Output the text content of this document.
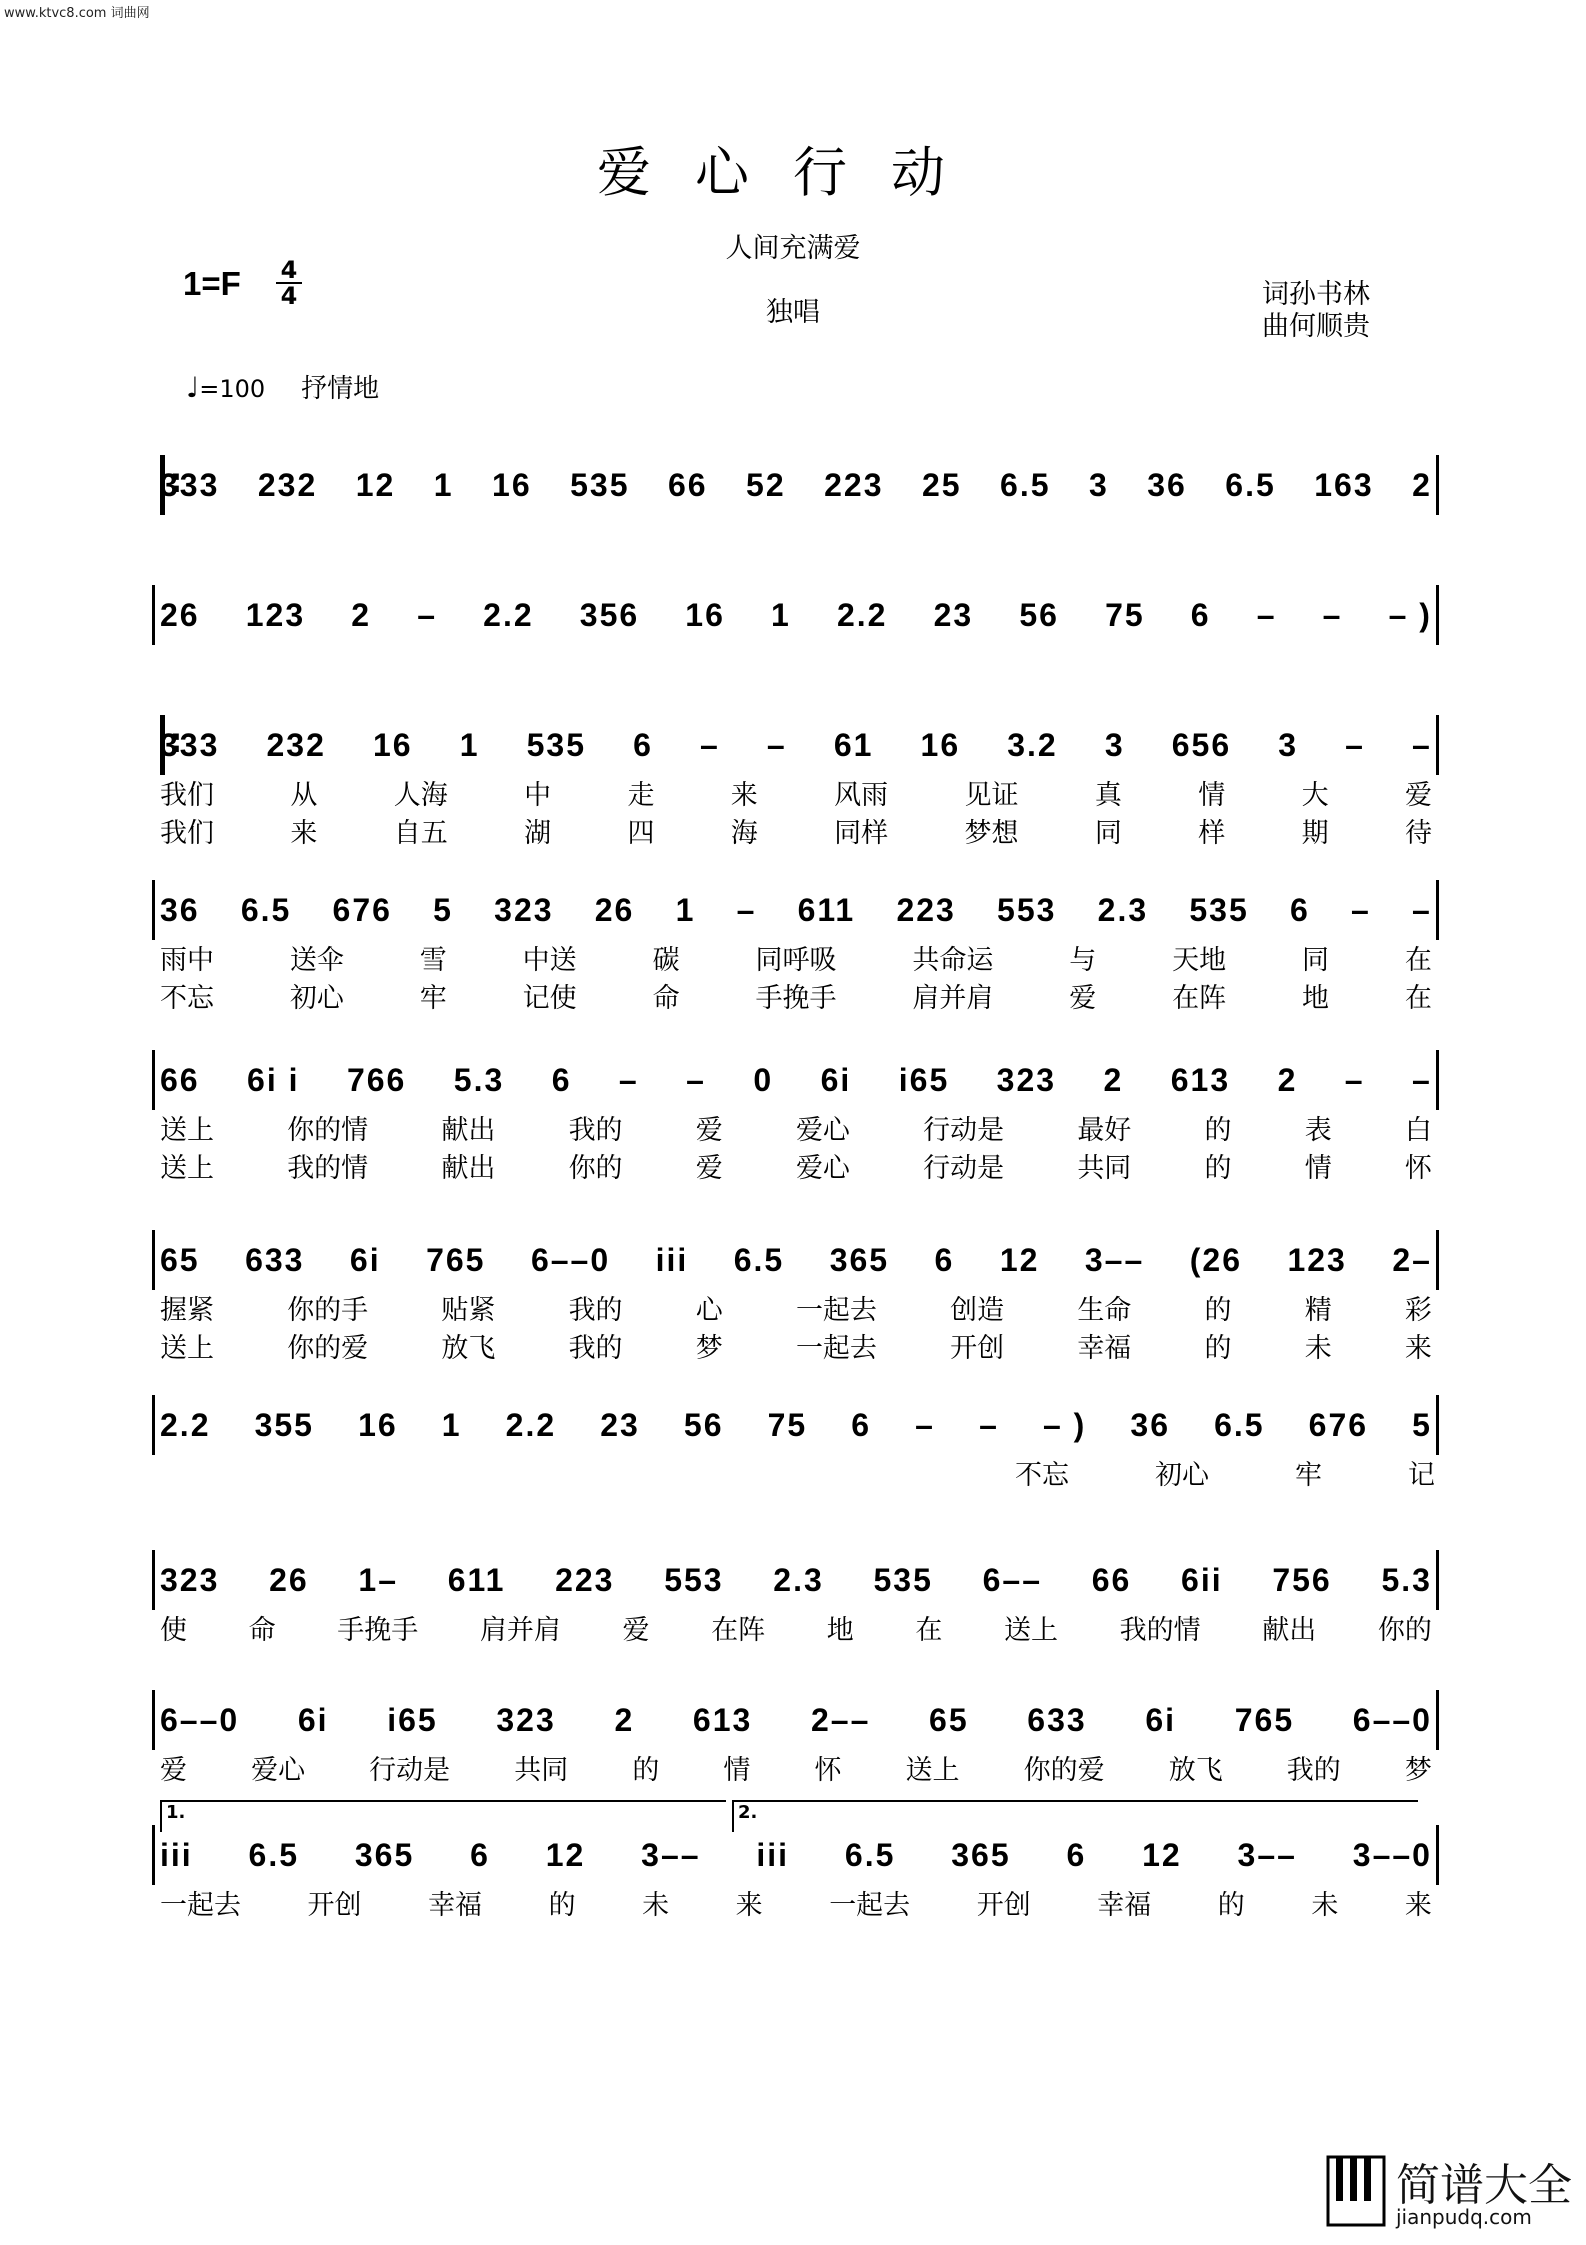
www.ktvc8.com 词曲网
爱心行动
人间充满爱
1=F 4
4
独唱
词孙书林
曲何顺贵
♩=100 抒情地
333 232 12 1 16 535 66 52 223 25 6.5 3 36 6.5 163 2
:
26 123 2 – 2.2 356 16 1 2.2 23 56 75 6 – – – )
333 232 16 1 535 6 – – 61 16 3.2 3 656 3 – –
:
我们	从	人海	中	走	来	风雨	见证	真	情	大	爱
我们	来	自五	湖	四	海	同样	梦想	同	样	期	待
36 6.5 676 5 323 26 1 – 611 223 553 2.3 535 6 – –
雨中	送伞	雪	中送	碳	同呼吸	共命运	与	天地	同	在
不忘	初心	牢	记使	命	手挽手	肩并肩	爱	在阵	地	在
66 6i i 766 5.3 6 – – 0 6i i65 323 2 613 2 – –
送上	你的情	献出	我的	爱	爱心	行动是	最好	的	表	白
送上	我的情	献出	你的	爱	爱心	行动是	共同	的	情	怀
65 633 6i 765 6––0 iii 6.5 365 6 12 3–– (26 123 2–
握紧	你的手	贴紧	我的	心	一起去	创造	生命	的	精	彩
送上	你的爱	放飞	我的	梦	一起去	开创	幸福	的	未	来
2.2 355 16 1 2.2 23 56 75 6 – – – ) 36 6.5 676 5
不忘	初心	牢	记
323 26 1– 611 223 553 2.3 535 6–– 66 6ii 756 5.3
使 命 手挽手 肩并肩 爱 在阵 地 在 送上 我的情 献出 你的
6––0 6i i65 323 2 613 2–– 65 633 6i 765 6––0
爱 爱心 行动是 共同 的 情 怀 送上 你的爱 放飞 我的 梦
iii 6.5 365 6 12 3–– iii 6.5 365 6 12 3–– 3––0
一起去 开创 幸福 的 未 来 一起去 开创 幸福 的 未 来
1.	2.
简谱大全
jianpudq.com
